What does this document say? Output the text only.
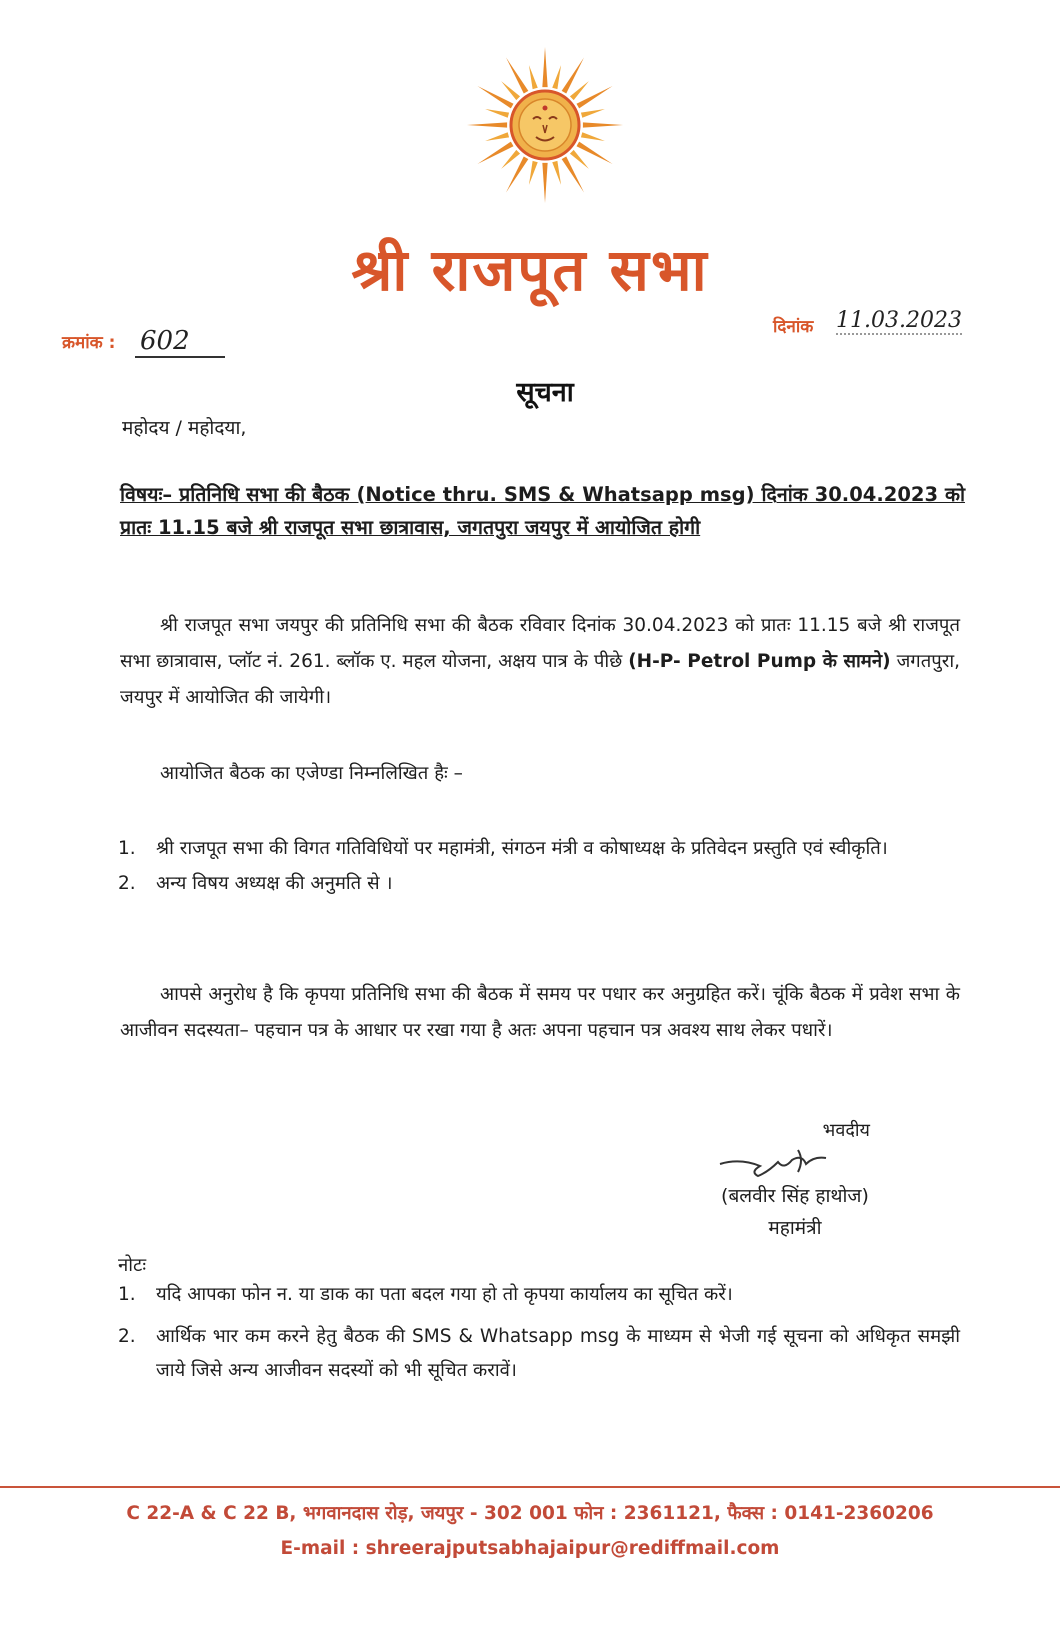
श्री राजपूत सभा
क्रमांक : 602	दिनांक 11.03.2023
सूचना
महोदय / महोदया,
विषयः– प्रतिनिधि सभा की बैठक (Notice thru. SMS & Whatsapp msg) दिनांक 30.04.2023 को प्रातः 11.15 बजे श्री राजपूत सभा छात्रावास, जगतपुरा जयपुर में आयोजित होगी
श्री राजपूत सभा जयपुर की प्रतिनिधि सभा की बैठक रविवार दिनांक 30.04.2023 को प्रातः 11.15 बजे श्री राजपूत सभा छात्रावास, प्लॉट नं. 261. ब्लॉक ए. महल योजना, अक्षय पात्र के पीछे (H-P- Petrol Pump के सामने) जगतपुरा, जयपुर में आयोजित की जायेगी।
आयोजित बैठक का एजेण्डा निम्नलिखित हैः –
1. श्री राजपूत सभा की विगत गतिविधियों पर महामंत्री, संगठन मंत्री व कोषाध्यक्ष के प्रतिवेदन प्रस्तुति एवं स्वीकृति।
2. अन्य विषय अध्यक्ष की अनुमति से ।
आपसे अनुरोध है कि कृपया प्रतिनिधि सभा की बैठक में समय पर पधार कर अनुग्रहित करें। चूंकि बैठक में प्रवेश सभा के आजीवन सदस्यता– पहचान पत्र के आधार पर रखा गया है अतः अपना पहचान पत्र अवश्य साथ लेकर पधारें।
भवदीय
(बलवीर सिंह हाथोज)
महामंत्री
नोटः
1. यदि आपका फोन न. या डाक का पता बदल गया हो तो कृपया कार्यालय का सूचित करें।
2. आर्थिक भार कम करने हेतु बैठक की SMS & Whatsapp msg के माध्यम से भेजी गई सूचना को अधिकृत समझी जाये जिसे अन्य आजीवन सदस्यों को भी सूचित करावें।
C 22-A & C 22 B, भगवानदास रोड़, जयपुर - 302 001 फोन : 2361121, फैक्स : 0141-2360206
E-mail : shreerajputsabhajaipur@rediffmail.com
